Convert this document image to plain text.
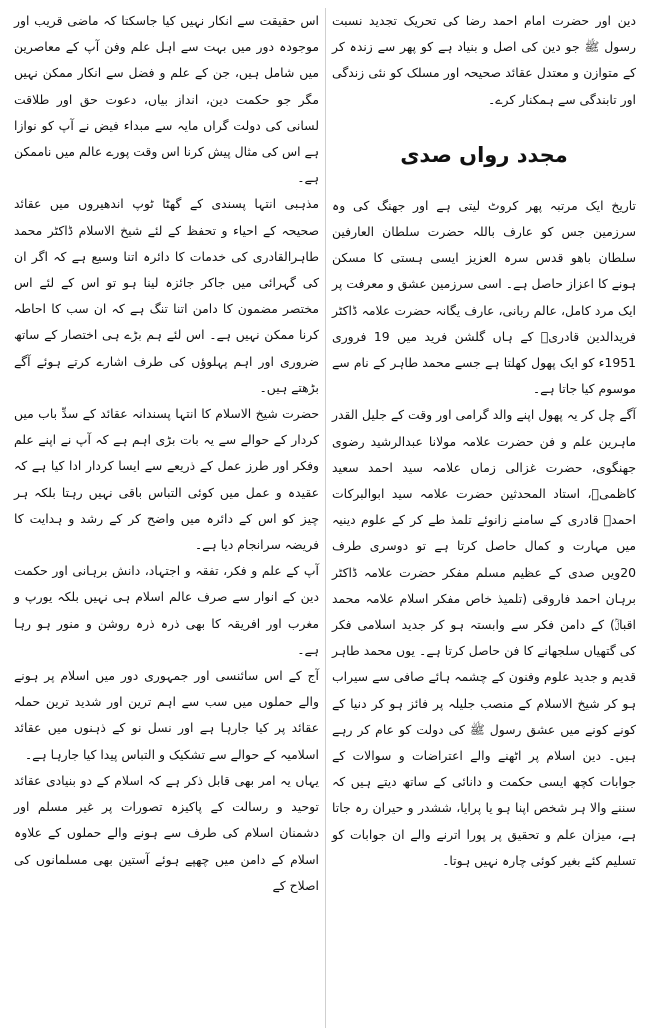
دین اور حضرت امام احمد رضا کی تحریک تجدید نسبت رسول ﷺ جو دین کی اصل و بنیاد ہے کو پھر سے زندہ کر کے متوازن و معتدل عقائد صحیحہ اور مسلک کو نئی زندگی اور تابندگی سے ہمکنار کرے۔

مجدد رواں صدی

تاریخ ایک مرتبہ پھر کروٹ لیتی ہے اور جھنگ کی وہ سرزمین جس کو عارف باللہ حضرت سلطان العارفین سلطان باھو قدس سرہ العزیز ایسی ہستی کا مسکن ہونے کا اعزاز حاصل ہے۔ اسی سرزمین عشق و معرفت پر ایک مرد کامل، عالم ربانی، عارف یگانہ حضرت علامہ ڈاکٹر فریدالدین قادریؒ کے ہاں گلشن فرید میں 19 فروری 1951ء کو ایک پھول کھلتا ہے جسے محمد طاہر کے نام سے موسوم کیا جاتا ہے۔

آگے چل کر یہ پھول اپنے والد گرامی اور وقت کے جلیل القدر ماہرین علم و فن حضرت علامہ مولانا عبدالرشید رضوی جھنگوی، حضرت غزالی زماں علامہ سید احمد سعید کاظمیؒ، استاد المحدثین حضرت علامہ سید ابوالبرکات احمدؒ قادری کے سامنے زانوئے تلمذ طے کر کے علوم دینیہ میں مہارت و کمال حاصل کرتا ہے تو دوسری طرف 20ویں صدی کے عظیم مسلم مفکر حضرت علامہ ڈاکٹر برہان احمد فاروقی (تلمیذ خاص مفکر اسلام علامہ محمد اقبالؒ) کے دامن فکر سے وابستہ ہو کر جدید اسلامی فکر کی گتھیاں سلجھانے کا فن حاصل کرتا ہے۔ یوں محمد طاہر قدیم و جدید علوم وفنون کے چشمہ ہائے صافی سے سیراب ہو کر شیخ الاسلام کے منصب جلیلہ پر فائز ہو کر دنیا کے کونے کونے میں عشق رسول ﷺ کی دولت کو عام کر رہے ہیں۔ دین اسلام پر اٹھنے والے اعتراضات و سوالات کے جوابات کچھ ایسی حکمت و دانائی کے ساتھ دیتے ہیں کہ سننے والا ہر شخص اپنا ہو یا پرایا، ششدر و حیران رہ جاتا ہے، میزان علم و تحقیق پر پورا اترنے والے ان جوابات کو تسلیم کئے بغیر کوئی چارہ نہیں ہوتا۔

اس حقیقت سے انکار نہیں کیا جاسکتا کہ ماضی قریب اور موجودہ دور میں بہت سے اہل علم وفن آپ کے معاصرین میں شامل ہیں، جن کے علم و فضل سے انکار ممکن نہیں مگر جو حکمت دین، انداز بیاں، دعوت حق اور طلاقت لسانی کی دولت گراں مایہ سے مبداء فیض نے آپ کو نوازا ہے اس کی مثال پیش کرنا اس وقت پورے عالم میں ناممکن ہے۔

مذہبی انتہا پسندی کے گھٹا ٹوپ اندھیروں میں عقائد صحیحہ کے احیاء و تحفظ کے لئے شیخ الاسلام ڈاکٹر محمد طاہرالقادری کی خدمات کا دائرہ اتنا وسیع ہے کہ اگر ان کی گہرائی میں جاکر جائزہ لینا ہو تو اس کے لئے اس مختصر مضمون کا دامن اتنا تنگ ہے کہ ان سب کا احاطہ کرنا ممکن نہیں ہے۔ اس لئے ہم بڑے ہی اختصار کے ساتھ ضروری اور اہم پہلوؤں کی طرف اشارے کرتے ہوئے آگے بڑھتے ہیں۔

حضرت شیخ الاسلام کا انتہا پسندانہ عقائد کے سدِّ باب میں کردار کے حوالے سے یہ بات بڑی اہم ہے کہ آپ نے اپنے علم وفکر اور طرز عمل کے ذریعے سے ایسا کردار ادا کیا ہے کہ عقیدہ و عمل میں کوئی التباس باقی نہیں رہتا بلکہ ہر چیز کو اس کے دائرہ میں واضح کر کے رشد و ہدایت کا فریضہ سرانجام دیا ہے۔

آپ کے علم و فکر، تفقہ و اجتہاد، دانش برہانی اور حکمت دین کے انوار سے صرف عالم اسلام ہی نہیں بلکہ یورپ و مغرب اور افریقہ کا بھی ذرہ ذرہ روشن و منور ہو رہا ہے۔

آج کے اس سائنسی اور جمہوری دور میں اسلام پر ہونے والے حملوں میں سب سے اہم ترین اور شدید ترین حملہ عقائد پر کیا جارہا ہے اور نسل نو کے ذہنوں میں عقائد اسلامیہ کے حوالے سے تشکیک و التباس پیدا کیا جارہا ہے۔

یہاں یہ امر بھی قابل ذکر ہے کہ اسلام کے دو بنیادی عقائد توحید و رسالت کے پاکیزہ تصورات پر غیر مسلم اور دشمنان اسلام کی طرف سے ہونے والے حملوں کے علاوہ اسلام کے دامن میں چھپے ہوئے آستین بھی مسلمانوں کی اصلاح کے
